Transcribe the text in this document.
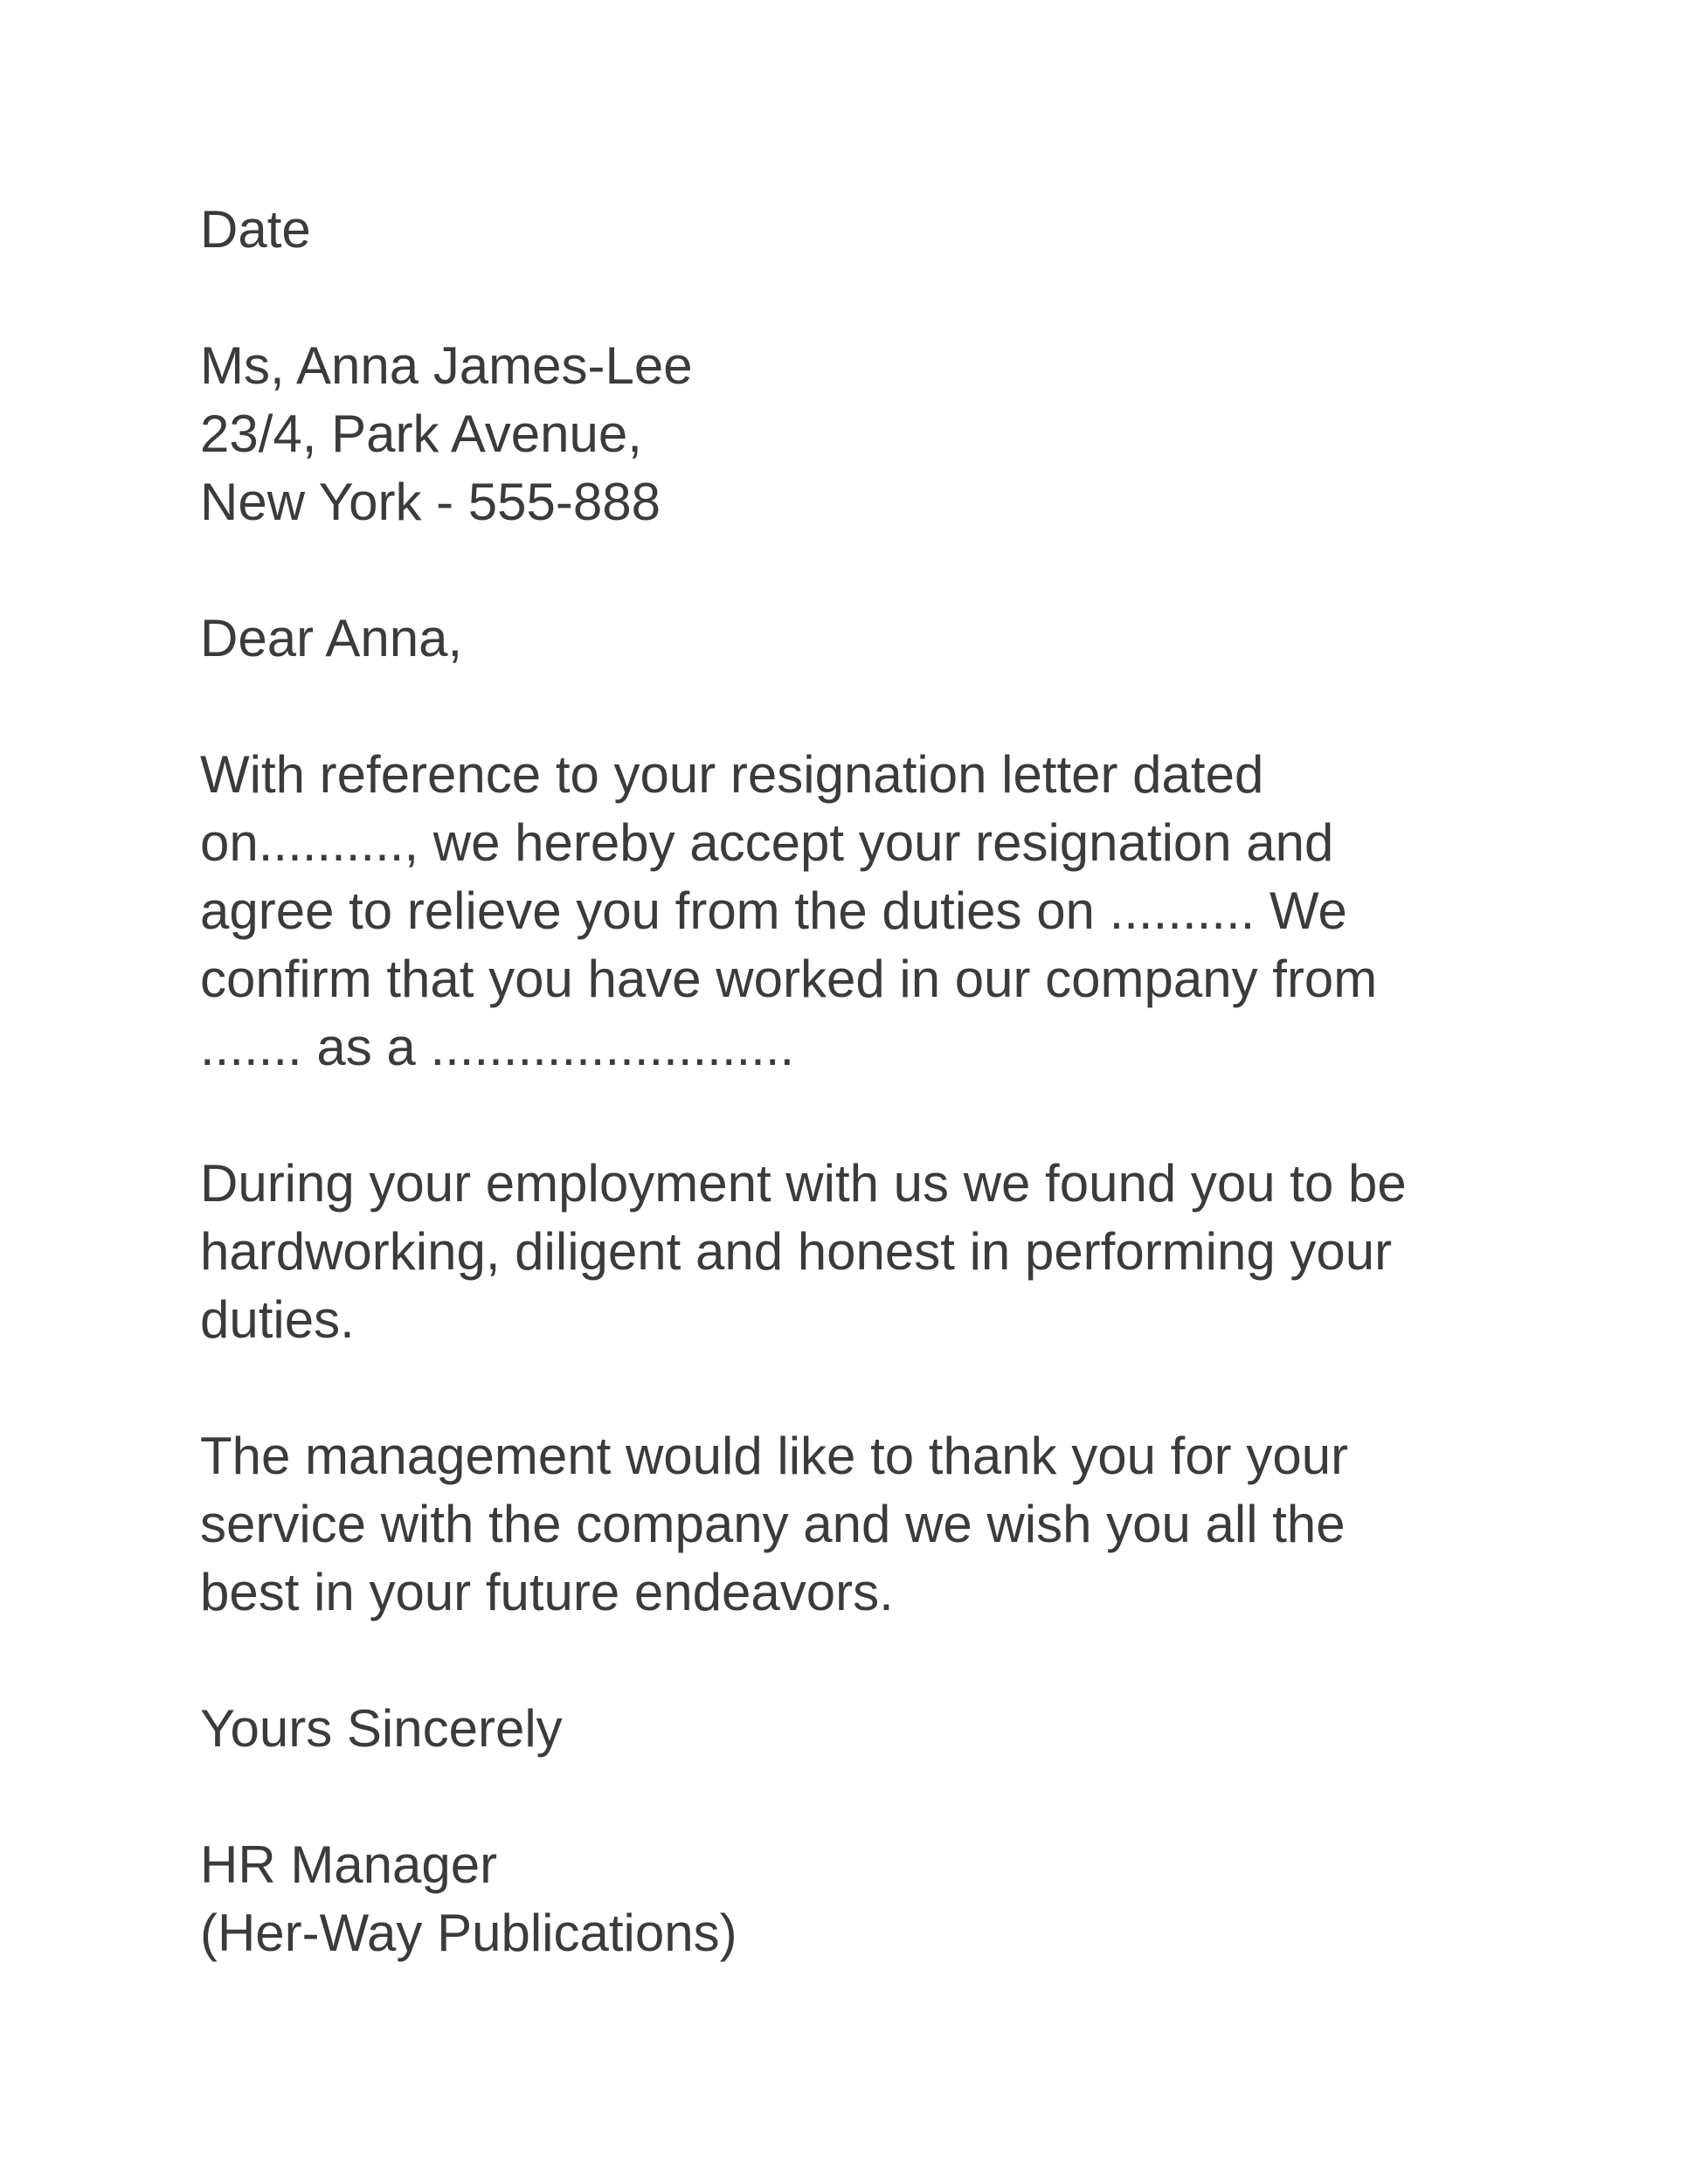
Date
Ms, Anna James-Lee
23/4, Park Avenue,
New York - 555-888
Dear Anna,
With reference to your resignation letter dated
on.........., we hereby accept your resignation and
agree to relieve you from the duties on .......... We
confirm that you have worked in our company from
....... as a .........................
During your employment with us we found you to be
hardworking, diligent and honest in performing your
duties.
The management would like to thank you for your
service with the company and we wish you all the
best in your future endeavors.
Yours Sincerely
HR Manager
(Her-Way Publications)
